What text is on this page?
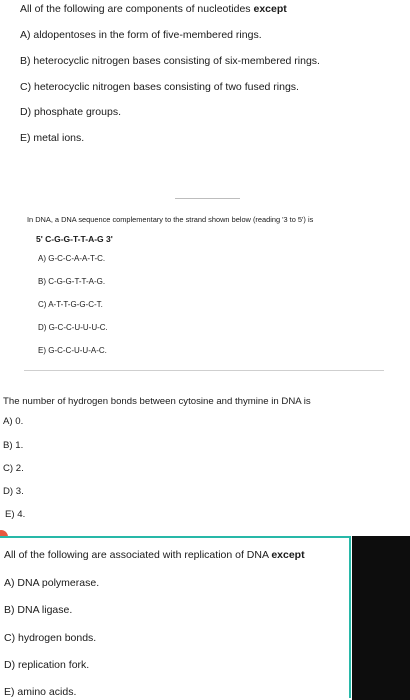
All of the following are components of nucleotides except
A) aldopentoses in the form of five-membered rings.
B) heterocyclic nitrogen bases consisting of six-membered rings.
C) heterocyclic nitrogen bases consisting of two fused rings.
D) phosphate groups.
E) metal ions.
In DNA, a DNA sequence complementary to the strand shown below (reading '3 to 5') is
5' C-G-G-T-T-A-G 3'
A) G-C-C-A-A-T-C.
B) C-G-G-T-T-A-G.
C) A-T-T-G-G-C-T.
D) G-C-C-U-U-U-C.
E) G-C-C-U-U-A-C.
The number of hydrogen bonds between cytosine and thymine in DNA is
A) 0.
B) 1.
C) 2.
D) 3.
E) 4.
All of the following are associated with replication of DNA except
A) DNA polymerase.
B) DNA ligase.
C) hydrogen bonds.
D) replication fork.
E) amino acids.
